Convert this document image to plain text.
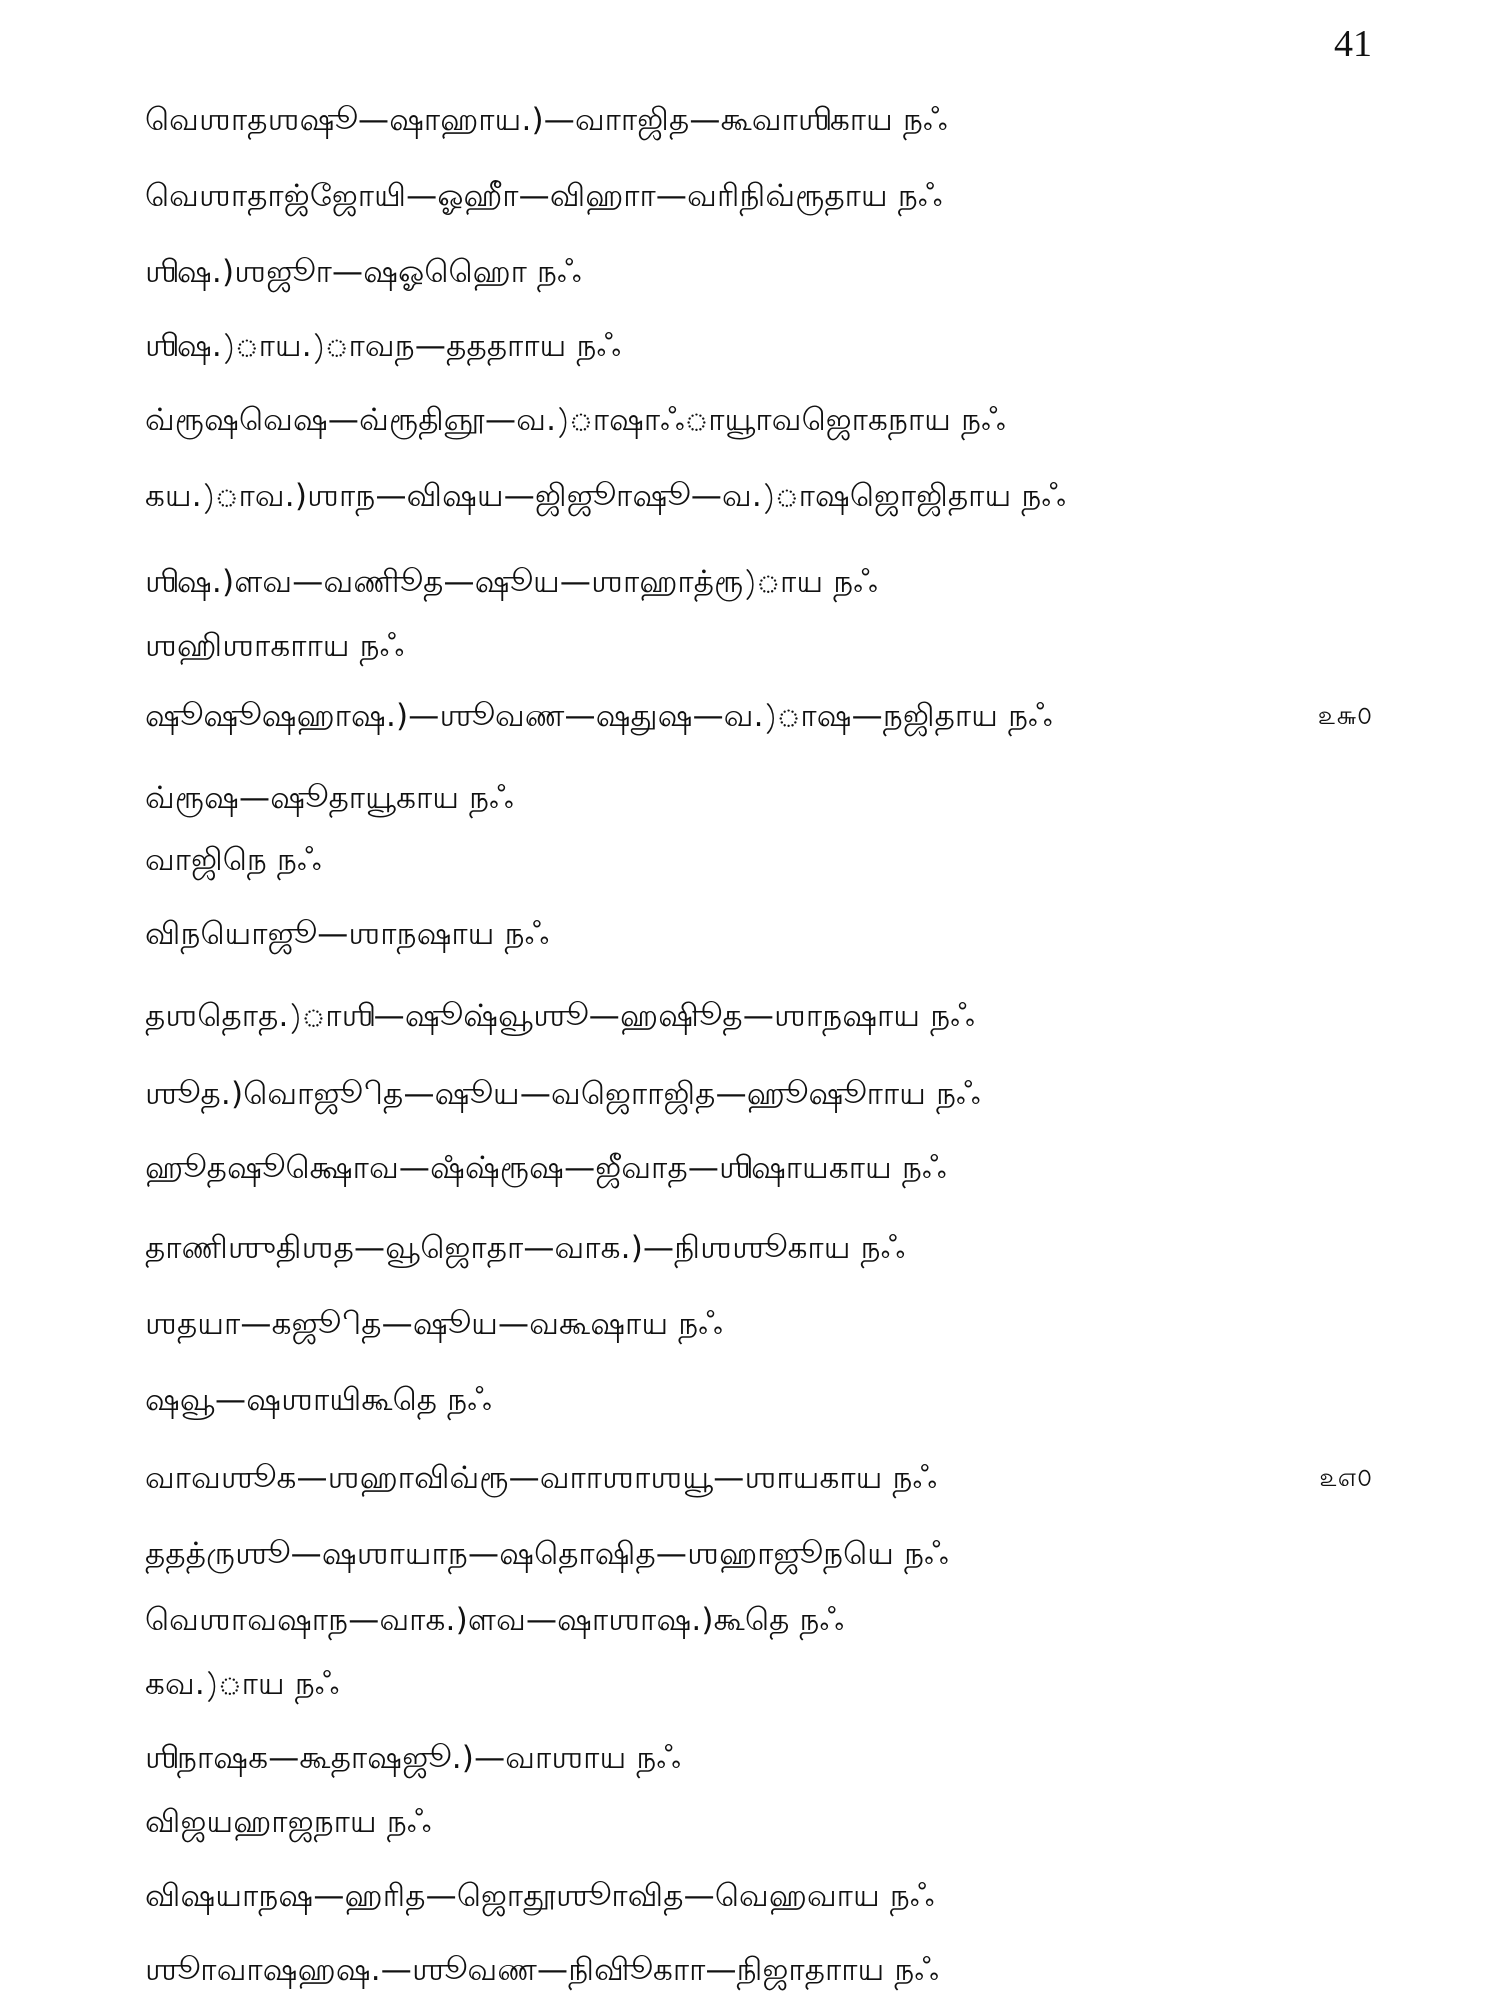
41
வெஶாதஶஷூ—ஷாஹாய.)—வாாஜித—கூவாஶிகாய நஃ
வெஶாதாஜ்ஜோயி—ஓஹாீ—விஹாா—வரிநிவ்ரூதாய நஃ
ஶிஷ.)ஶஜூா—ஷஓஹொெ நஃ
ஶிஷ.)ாய.)ாவந—தததாாய நஃ
வ்ரூஷவெஷ—வ்ரூதிஞூ—வ.)ாஷாஃாயூாவஜொகநாய நஃ
கய.)ாவ.)ஶாந—விஷய—ஜிஜூாஷூ—வ.)ாஷஜொஜிதாய நஃ
ஶிஷ.)ளவ—வணிூத—ஷூய—ஶாஹாத்ரூ)ாய நஃ
ஶஹிஶாகாாய நஃ
ஷூஷூஷஹாஷ.)—ஶூவண—ஷதுஷ—வ.)ாஷ—நஜிதாய நஃ	௨௬௦
வ்ரூஷ—ஷூதாயூகாய நஃ
வாஜிநெ நஃ
விநயொஜூ—ஶாநஷாய நஃ
தஶதொத.)ாஶி—ஷூஷ்வூஶூ—ஹஷிூத—ஶாநஷாய நஃ
ஶூத.)வொஜூித—ஷூய—வஜொாஜித—ஹூஷூாாய நஃ
ஹூதஷூக்ஷொவ—ஷஂஷ்ரூஷ—ஜீவாத—ஶிஷாயகாய நஃ
தாணிஶுதிஶத—வூஜொதா—வாக.)—நிஶஶூகாய நஃ
ஶதயா—கஜூித—ஷூய—வகூஷாய நஃ
ஷவூ—ஷஶாயிகூதெ நஃ
வாவஶூக—ஶஹாவிவ்ரூ—வாாஶாஶயூ—ஶாயகாய நஃ	௨௭௦
ததத்ருஶூ—ஷஶாயாந—ஷதொஷித—ஶஹாஜூநயெ நஃ
வெஶாவஷாந—வாக.)ளவ—ஷாஶாஷ.)கூதெ நஃ
கவ.)ாய நஃ
ஶிநாஷக—கூதாஷஜூ.)—வாஶாய நஃ
விஜயஹாஜநாய நஃ
விஷயாநஷ—ஹரித—ஜொதூஶூாவித—வெஹவாய நஃ
ஶூாவாஷஹஷ.—ஶூவண—நிவிூகாா—நிஜாதாாய நஃ
